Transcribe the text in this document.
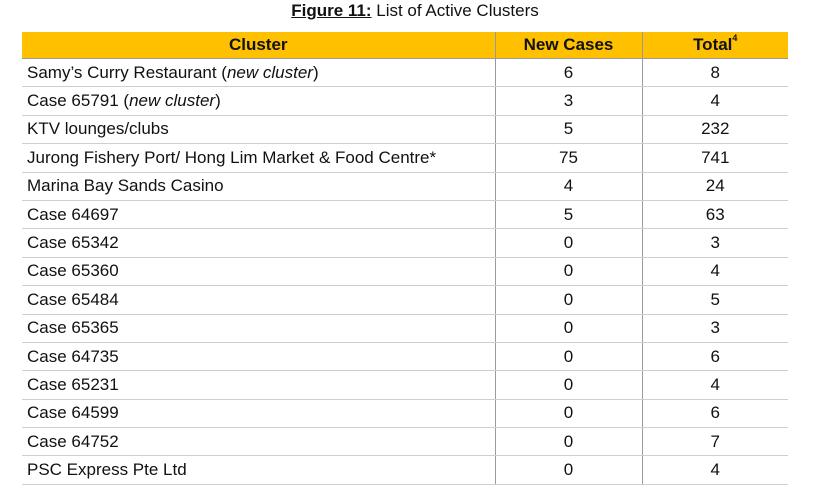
Figure 11: List of Active Clusters
Cluster	New Cases	Total$^4$
Samy’s Curry Restaurant (new cluster)	6	8
Case 65791 (new cluster)	3	4
KTV lounges/clubs	5	232
Jurong Fishery Port/ Hong Lim Market & Food Centre*	75	741
Marina Bay Sands Casino	4	24
Case 64697	5	63
Case 65342	0	3
Case 65360	0	4
Case 65484	0	5
Case 65365	0	3
Case 64735	0	6
Case 65231	0	4
Case 64599	0	6
Case 64752	0	7
PSC Express Pte Ltd	0	4
